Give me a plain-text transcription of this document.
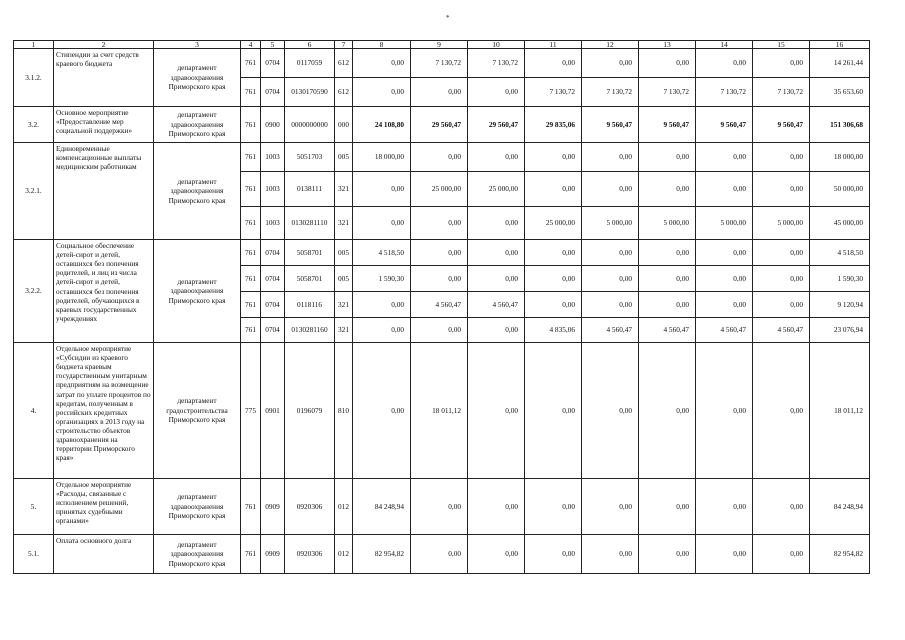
*
1	2	3	4	5	6	7	8	9	10	11	12	13	14	15	16
3.1.2.	Стипендии за счет средств краевого бюджета	департамент здравоохранения Приморского края	761	0704	0117059	612	0,00	7 130,72	7 130,72	0,00	0,00	0,00	0,00	0,00	14 261,44
			761	0704	0130170590	612	0,00	0,00	0,00	7 130,72	7 130,72	7 130,72	7 130,72	7 130,72	35 653,60
3.2.	Основное мероприятие «Предоставление мер социальной поддержки»	департамент здравоохранения Приморского края	761	0900	0000000000	000	24 108,80	29 560,47	29 560,47	29 835,06	9 560,47	9 560,47	9 560,47	9 560,47	151 306,68
3.2.1.	Единовременные компенсационные выплаты медицинским работникам	департамент здравоохранения Приморского края	761	1003	5051703	005	18 000,00	0,00	0,00	0,00	0,00	0,00	0,00	0,00	18 000,00
			761	1003	0138111	321	0,00	25 000,00	25 000,00	0,00	0,00	0,00	0,00	0,00	50 000,00
			761	1003	0130281110	321	0,00	0,00	0,00	25 000,00	5 000,00	5 000,00	5 000,00	5 000,00	45 000,00
3.2.2.	Социальное обеспечение детей-сирот и детей, оставшихся без попечения родителей, и лиц из числа детей-сирот и детей, оставшихся без попечения родителей, обучающихся в краевых государственных учреждениях	департамент здравоохранения Приморского края	761	0704	5058701	005	4 518,50	0,00	0,00	0,00	0,00	0,00	0,00	0,00	4 518,50
			761	0704	5058701	005	1 590,30	0,00	0,00	0,00	0,00	0,00	0,00	0,00	1 590,30
			761	0704	0118116	321	0,00	4 560,47	4 560,47	0,00	0,00	0,00	0,00	0,00	9 120,94
			761	0704	0130281160	321	0,00	0,00	0,00	4 835,06	4 560,47	4 560,47	4 560,47	4 560,47	23 076,94
4.	Отдельное мероприятие «Субсидии из краевого бюджета краевым государственным унитарным предприятиям на возмещение затрат по уплате процентов по кредитам, полученным в российских кредитных организациях в 2013 году на строительство объектов здравоохранения на территории Приморского края»	департамент градостроительства Приморского края	775	0901	0196079	810	0,00	18 011,12	0,00	0,00	0,00	0,00	0,00	0,00	18 011,12
5.	Отдельное мероприятие «Расходы, связанные с исполнением решений, принятых судебными органами»	департамент здравоохранения Приморского края	761	0909	0920306	012	84 248,94	0,00	0,00	0,00	0,00	0,00	0,00	0,00	84 248,94
5.1.	Оплата основного долга	департамент здравоохранения Приморского края	761	0909	0920306	012	82 954,82	0,00	0,00	0,00	0,00	0,00	0,00	0,00	82 954,82
